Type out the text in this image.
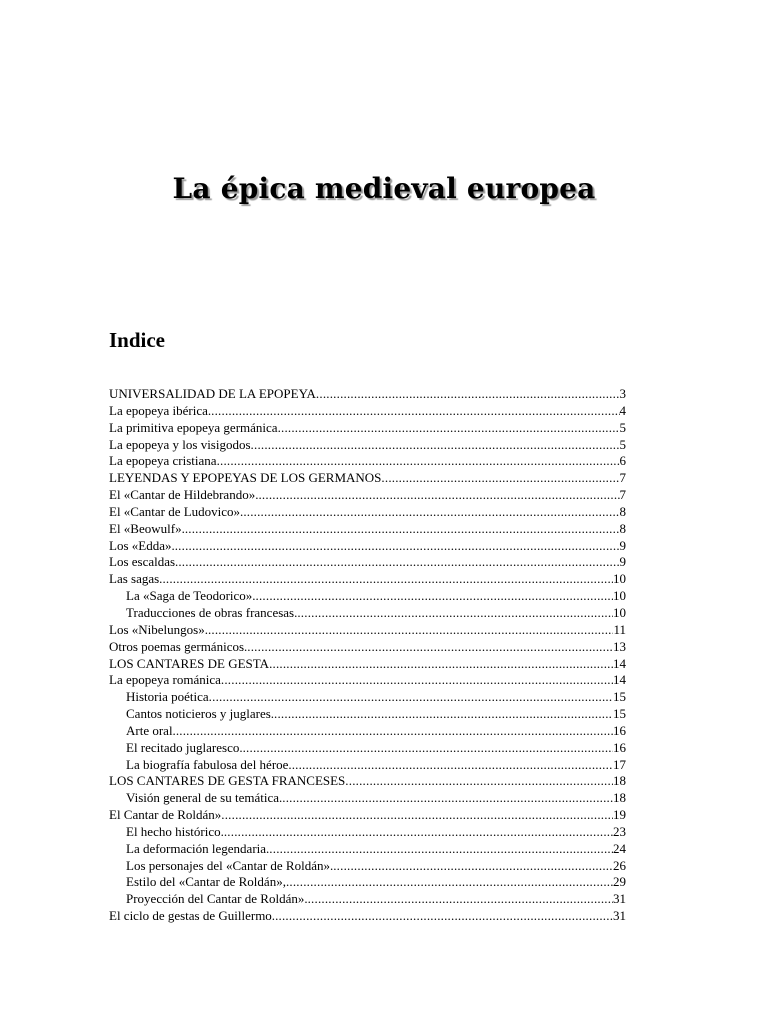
La épica medieval europea
Indice
UNIVERSALIDAD DE LA EPOPEYA .....	3
La epopeya ibérica. .....	4
La primitiva epopeya germánica .....	5
La epopeya y los visigodos .....	5
La epopeya cristiana .....	6
LEYENDAS Y EPOPEYAS DE LOS GERMANOS .....	7
El «Cantar de Hildebrando». .....	7
El «Cantar de Ludovico». .....	8
El «Beowulf». .....	8
Los «Edda». .....	9
Los escaldas. .....	9
Las sagas. .....	10
La «Saga de Teodorico». .....	10
Traducciones de obras francesas. .....	10
Los «Nibelungos». .....	11
Otros poemas germánicos. .....	13
LOS CANTARES DE GESTA .....	14
La epopeya románica .....	14
Historia poética .....	15
Cantos noticieros y juglares. .....	15
Arte oral. .....	16
El recitado juglaresco. .....	16
La biografía fabulosa del héroe. .....	17
LOS CANTARES DE GESTA FRANCESES .....	18
Visión general de su temática. .....	18
El Cantar de Roldán» .....	19
El hecho histórico. .....	23
La deformación legendaria. .....	24
Los personajes del «Cantar de Roldán». .....	26
Estilo del «Cantar de Roldán», .....	29
Proyección del Cantar de Roldán». .....	31
El ciclo de gestas de Guillermo. .....	31
